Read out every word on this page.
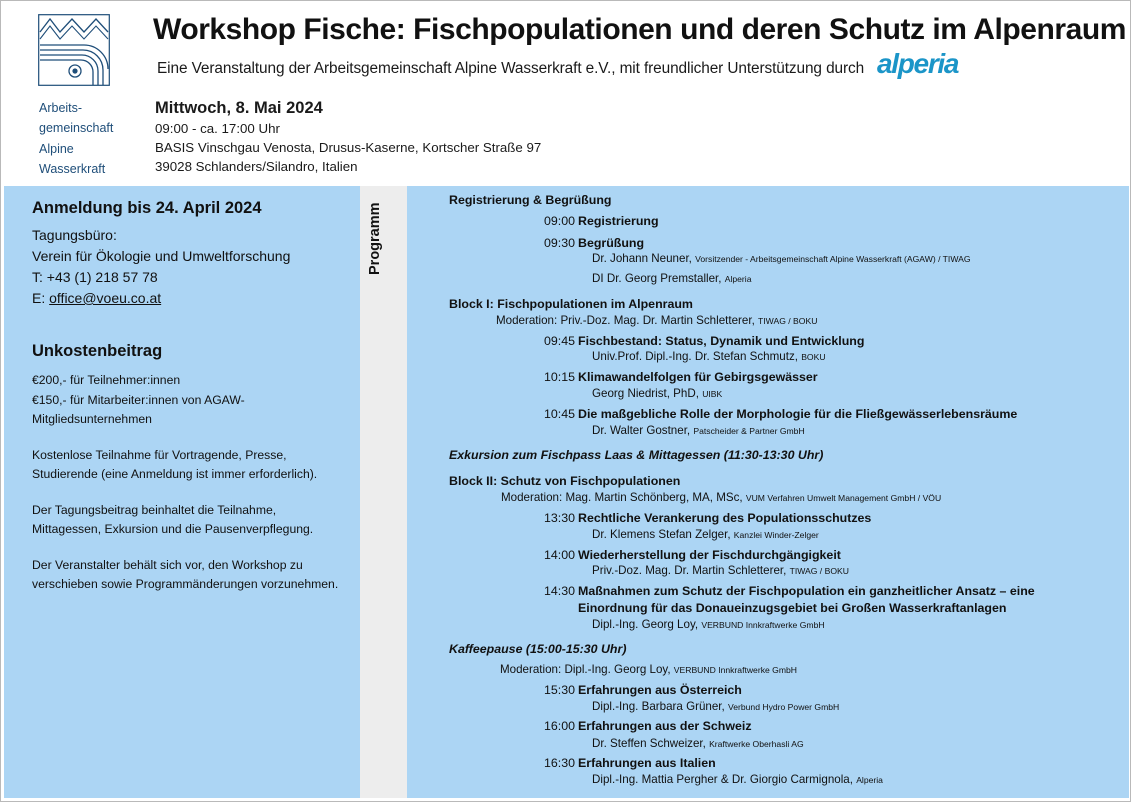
Arbeits-
gemeinschaft
Alpine
Wasserkraft
Workshop Fische: Fischpopulationen und deren Schutz im Alpenraum
Eine Veranstaltung der Arbeitsgemeinschaft Alpine Wasserkraft e.V., mit freundlicher Unterstützung durch alperia
Mittwoch, 8. Mai 2024
09:00 - ca. 17:00 Uhr
BASIS Vinschgau Venosta, Drusus-Kaserne, Kortscher Straße 97
39028 Schlanders/Silandro, Italien
Anmeldung bis 24. April 2024
Tagungsbüro:
Verein für Ökologie und Umweltforschung
T: +43 (1) 218 57 78
E: office@voeu.co.at
Unkostenbeitrag
€200,- für Teilnehmer:innen
€150,- für Mitarbeiter:innen von AGAW-
Mitgliedsunternehmen
Kostenlose Teilnahme für Vortragende, Presse,
Studierende (eine Anmeldung ist immer erforderlich).
Der Tagungsbeitrag beinhaltet die Teilnahme,
Mittagessen, Exkursion und die Pausenverpflegung.
Der Veranstalter behält sich vor, den Workshop zu
verschieben sowie Programmänderungen vorzunehmen.
Programm
Registrierung & Begrüßung
09:00 Registrierung
09:30 Begrüßung
Dr. Johann Neuner, Vorsitzender - Arbeitsgemeinschaft Alpine Wasserkraft (AGAW) / TIWAG
DI Dr. Georg Premstaller, Alperia
Block I: Fischpopulationen im Alpenraum
Moderation: Priv.-Doz. Mag. Dr. Martin Schletterer, TIWAG / BOKU
09:45 Fischbestand: Status, Dynamik und Entwicklung
Univ.Prof. Dipl.-Ing. Dr. Stefan Schmutz, BOKU
10:15 Klimawandelfolgen für Gebirgsgewässer
Georg Niedrist, PhD, UIBK
10:45 Die maßgebliche Rolle der Morphologie für die Fließgewässerlebensräume
Dr. Walter Gostner, Patscheider & Partner GmbH
Exkursion zum Fischpass Laas & Mittagessen (11:30-13:30 Uhr)
Block II: Schutz von Fischpopulationen
Moderation: Mag. Martin Schönberg, MA, MSc, VUM Verfahren Umwelt Management GmbH / VÖU
13:30 Rechtliche Verankerung des Populationsschutzes
Dr. Klemens Stefan Zelger, Kanzlei Winder-Zelger
14:00 Wiederherstellung der Fischdurchgängigkeit
Priv.-Doz. Mag. Dr. Martin Schletterer, TIWAG / BOKU
14:30 Maßnahmen zum Schutz der Fischpopulation ein ganzheitlicher Ansatz – eine
Einordnung für das Donaueinzugsgebiet bei Großen Wasserkraftanlagen
Dipl.-Ing. Georg Loy, VERBUND Innkraftwerke GmbH
Kaffeepause (15:00-15:30 Uhr)
Moderation: Dipl.-Ing. Georg Loy, VERBUND Innkraftwerke GmbH
15:30 Erfahrungen aus Österreich
Dipl.-Ing. Barbara Grüner, Verbund Hydro Power GmbH
16:00 Erfahrungen aus der Schweiz
Dr. Steffen Schweizer, Kraftwerke Oberhasli AG
16:30 Erfahrungen aus Italien
Dipl.-Ing. Mattia Pergher & Dr. Giorgio Carmignola, Alperia
